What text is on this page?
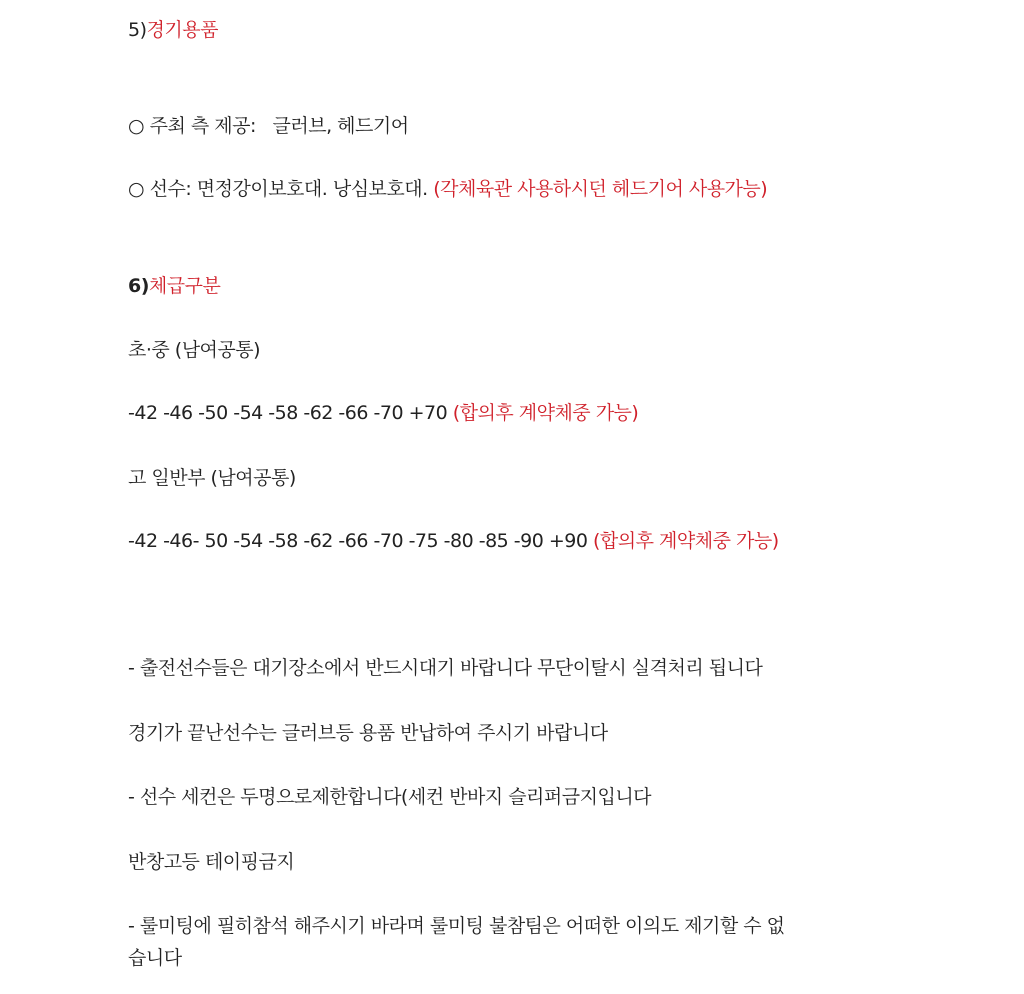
5)경기용품
○ 주최 측 제공:   글러브, 헤드기어
○ 선수: 면정강이보호대. 낭심보호대. (각체육관 사용하시던 헤드기어 사용가능)
6)체급구분
초·중 (남여공통)
-42 -46 -50 -54 -58 -62 -66 -70 +70 (합의후 계약체중 가능)
고 일반부 (남여공통)
-42 -46- 50 -54 -58 -62 -66 -70 -75 -80 -85 -90 +90 (합의후 계약체중 가능)
- 출전선수들은 대기장소에서 반드시대기 바랍니다 무단이탈시 실격처리 됩니다
경기가 끝난선수는 글러브등 용품 반납하여 주시기 바랍니다
- 선수 세컨은 두명으로제한합니다(세컨 반바지 슬리퍼금지입니다
반창고등 테이핑금지
- 룰미팅에 필히참석 해주시기 바라며 룰미팅 불참팀은 어떠한 이의도 제기할 수 없
습니다
